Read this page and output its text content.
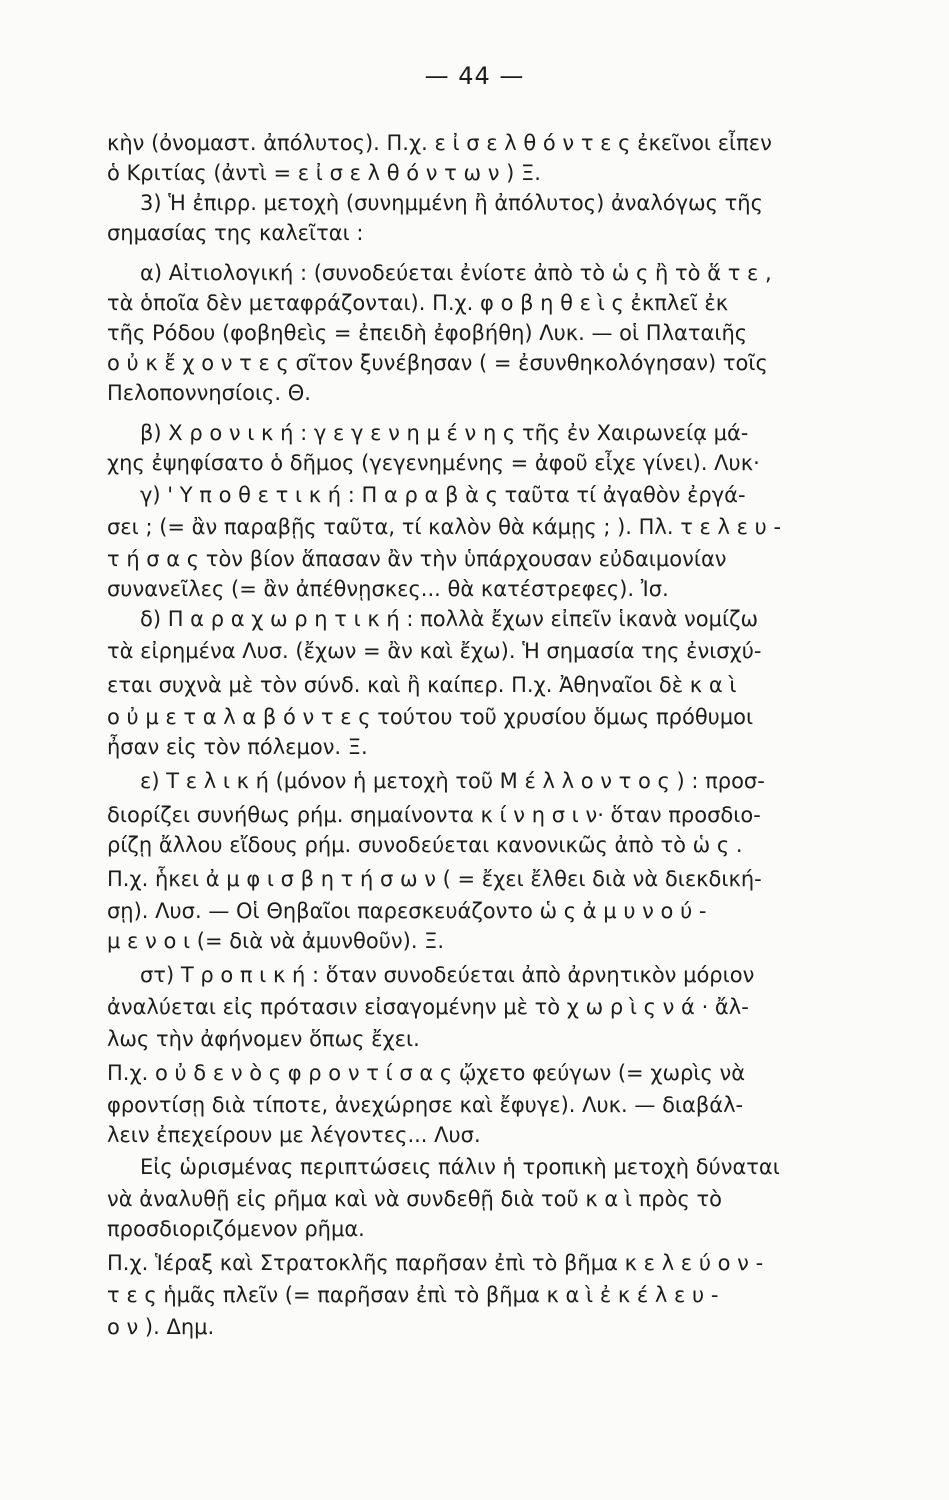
— 44 —
κὴν (ὀνομαστ. ἀπόλυτος). Π.χ. ε ἰ σ ε λ θ ό ν τ ε ς ἐκεῖνοι εἶπεν
ὁ Κριτίας (ἀντὶ = ε ἰ σ ε λ θ ό ν τ ω ν ) Ξ.
3) Ἡ ἐπιρρ. μετοχὴ (συνημμένη ἢ ἀπόλυτος) ἀναλόγως τῆς
σημασίας της καλεῖται :
α) Αἰτιολογική : (συνοδεύεται ἐνίοτε ἀπὸ τὸ ὡ ς ἢ τὸ ἅ τ ε ,
τὰ ὁποῖα δὲν μεταφράζονται). Π.χ. φ ο β η θ ε ὶ ς ἐκπλεῖ ἐκ
τῆς Ρόδου (φοβηθεὶς = ἐπειδὴ ἐφοβήθη) Λυκ. — οἱ Πλαταιῆς
ο ὐ κ ἔ χ ο ν τ ε ς σῖτον ξυνέβησαν ( = ἐσυνθηκολόγησαν) τοῖς
Πελοποννησίοις. Θ.
β) Χ ρ ο ν ι κ ή : γ ε γ ε ν η μ έ ν η ς τῆς ἐν Χαιρωνείᾳ μά-
χης ἐψηφίσατο ὁ δῆμος (γεγενημένης = ἀφοῦ εἶχε γίνει). Λυκ·
γ) ' Υ π ο θ ε τ ι κ ή : Π α ρ α β ὰ ς ταῦτα τί ἀγαθὸν ἐργά-
σει ; (= ἂν παραβῇς ταῦτα, τί καλὸν θὰ κάμῃς ; ). Πλ. τ ε λ ε υ -
τ ή σ α ς τὸν βίον ἅπασαν ἂν τὴν ὑπάρχουσαν εὐδαιμονίαν
συνανεῖλες (= ἂν ἀπέθνῃσκες... θὰ κατέστρεφες). Ἰσ.
δ) Π α ρ α χ ω ρ η τ ι κ ή : πολλὰ ἔχων εἰπεῖν ἱκανὰ νομίζω
τὰ εἰρημένα Λυσ. (ἔχων = ἂν καὶ ἔχω). Ἡ σημασία της ἐνισχύ-
εται συχνὰ μὲ τὸν σύνδ. καὶ ἢ καίπερ. Π.χ. Ἀθηναῖοι δὲ κ α ὶ
ο ὐ μ ε τ α λ α β ό ν τ ε ς τούτου τοῦ χρυσίου ὅμως πρόθυμοι
ἦσαν εἰς τὸν πόλεμον. Ξ.
ε) Τ ε λ ι κ ή (μόνον ἡ μετοχὴ τοῦ Μ έ λ λ ο ν τ ο ς ) : προσ-
διορίζει συνήθως ρήμ. σημαίνοντα κ ί ν η σ ι ν· ὅταν προσδιο-
ρίζῃ ἄλλου εἴδους ρήμ. συνοδεύεται κανονικῶς ἀπὸ τὸ ὡ ς .
Π.χ. ἧκει ἀ μ φ ι σ β η τ ή σ ω ν ( = ἔχει ἔλθει διὰ νὰ διεκδική-
σῃ). Λυσ. — Οἱ Θηβαῖοι παρεσκευάζοντο ὡ ς ἀ μ υ ν ο ύ -
μ ε ν ο ι (= διὰ νὰ ἀμυνθοῦν). Ξ.
στ) Τ ρ ο π ι κ ή : ὅταν συνοδεύεται ἀπὸ ἀρνητικὸν μόριον
ἀναλύεται εἰς πρότασιν εἰσαγομένην μὲ τὸ χ ω ρ ὶ ς ν ά · ἄλ-
λως τὴν ἀφήνομεν ὅπως ἔχει.
Π.χ. ο ὐ δ ε ν ὸ ς φ ρ ο ν τ ί σ α ς ᾤχετο φεύγων (= χωρὶς νὰ
φροντίσῃ διὰ τίποτε, ἀνεχώρησε καὶ ἔφυγε). Λυκ. — διαβάλ-
λειν ἐπεχείρουν με λέγοντες... Λυσ.
Εἰς ὡρισμένας περιπτώσεις πάλιν ἡ τροπικὴ μετοχὴ δύναται
νὰ ἀναλυθῇ εἰς ρῆμα καὶ νὰ συνδεθῇ διὰ τοῦ κ α ὶ πρὸς τὸ
προσδιοριζόμενον ρῆμα.
Π.χ. Ἱέραξ καὶ Στρατοκλῆς παρῆσαν ἐπὶ τὸ βῆμα κ ε λ ε ύ ο ν -
τ ε ς ἡμᾶς πλεῖν (= παρῆσαν ἐπὶ τὸ βῆμα κ α ὶ ἐ κ έ λ ε υ -
ο ν ). Δημ.
